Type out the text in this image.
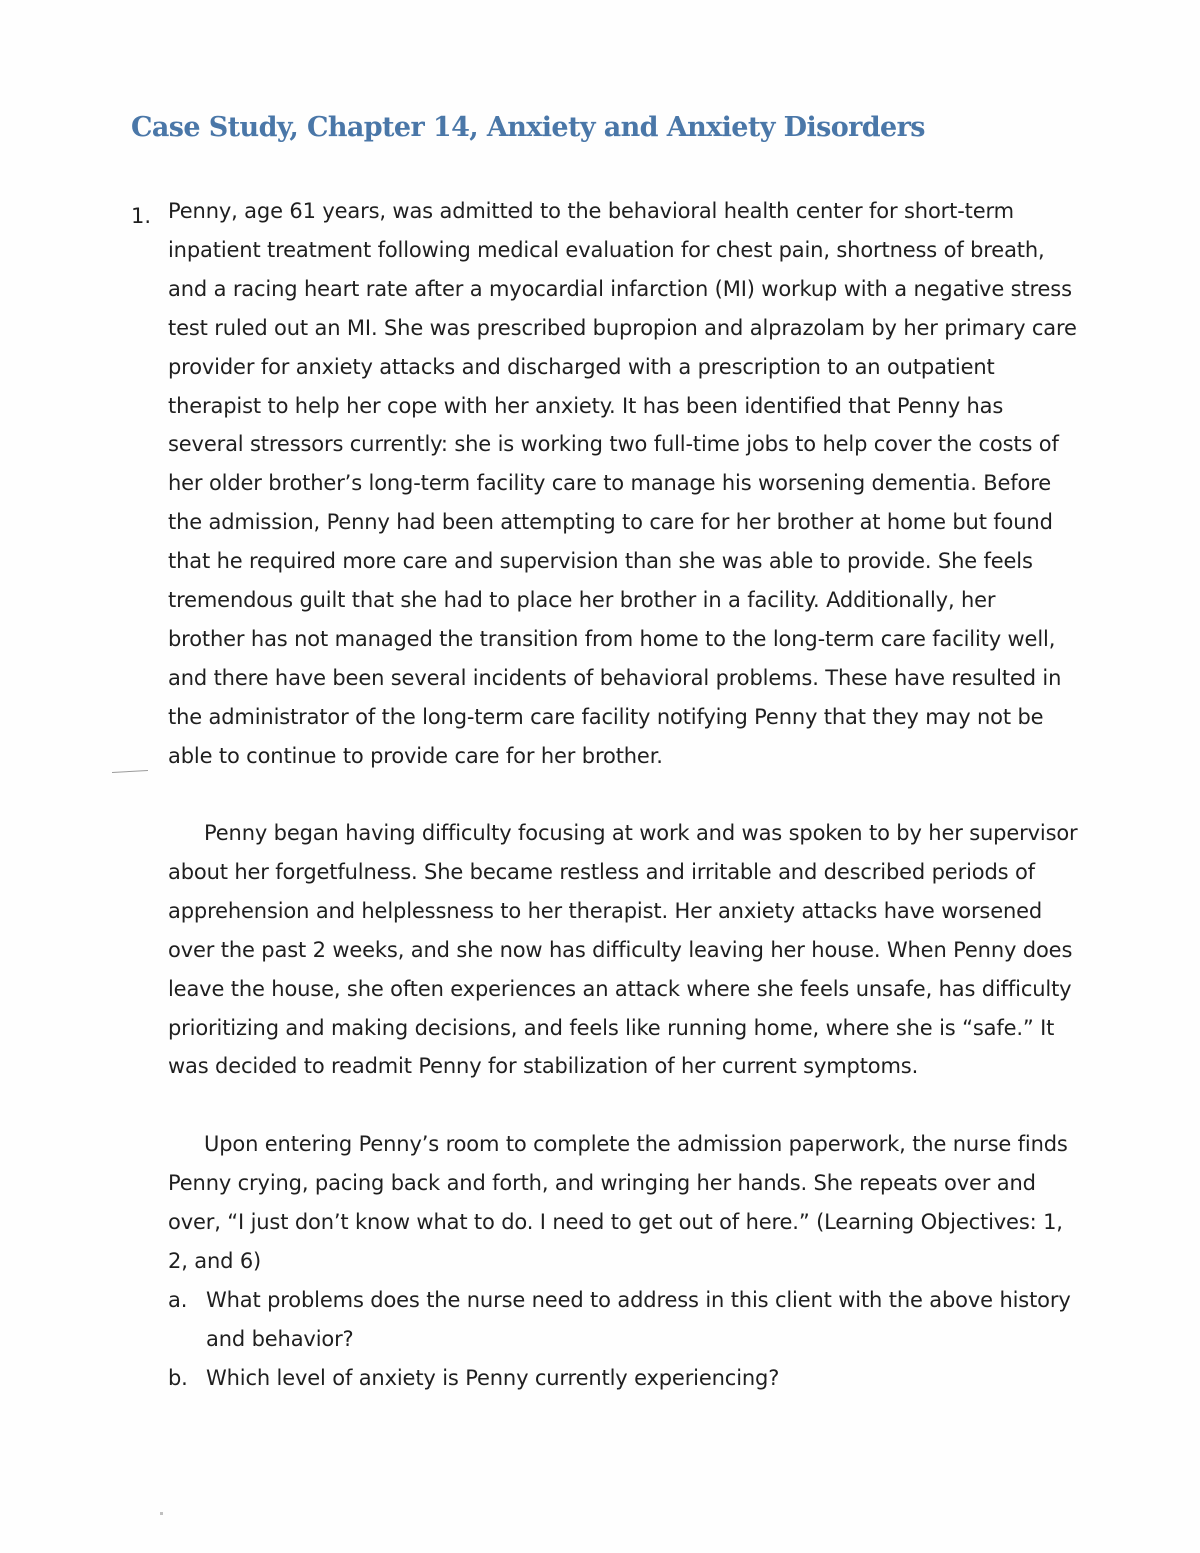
Case Study, Chapter 14, Anxiety and Anxiety Disorders
1. Penny, age 61 years, was admitted to the behavioral health center for short-term inpatient treatment following medical evaluation for chest pain, shortness of breath, and a racing heart rate after a myocardial infarction (MI) workup with a negative stress test ruled out an MI. She was prescribed bupropion and alprazolam by her primary care provider for anxiety attacks and discharged with a prescription to an outpatient therapist to help her cope with her anxiety. It has been identified that Penny has several stressors currently: she is working two full-time jobs to help cover the costs of her older brother’s long-term facility care to manage his worsening dementia. Before the admission, Penny had been attempting to care for her brother at home but found that he required more care and supervision than she was able to provide. She feels tremendous guilt that she had to place her brother in a facility. Additionally, her brother has not managed the transition from home to the long-term care facility well, and there have been several incidents of behavioral problems. These have resulted in the administrator of the long-term care facility notifying Penny that they may not be able to continue to provide care for her brother.

Penny began having difficulty focusing at work and was spoken to by her supervisor about her forgetfulness. She became restless and irritable and described periods of apprehension and helplessness to her therapist. Her anxiety attacks have worsened over the past 2 weeks, and she now has difficulty leaving her house. When Penny does leave the house, she often experiences an attack where she feels unsafe, has difficulty prioritizing and making decisions, and feels like running home, where she is “safe.” It was decided to readmit Penny for stabilization of her current symptoms.

Upon entering Penny’s room to complete the admission paperwork, the nurse finds Penny crying, pacing back and forth, and wringing her hands. She repeats over and over, “I just don’t know what to do. I need to get out of here.” (Learning Objectives: 1, 2, and 6)

a. What problems does the nurse need to address in this client with the above history and behavior?
b. Which level of anxiety is Penny currently experiencing?
